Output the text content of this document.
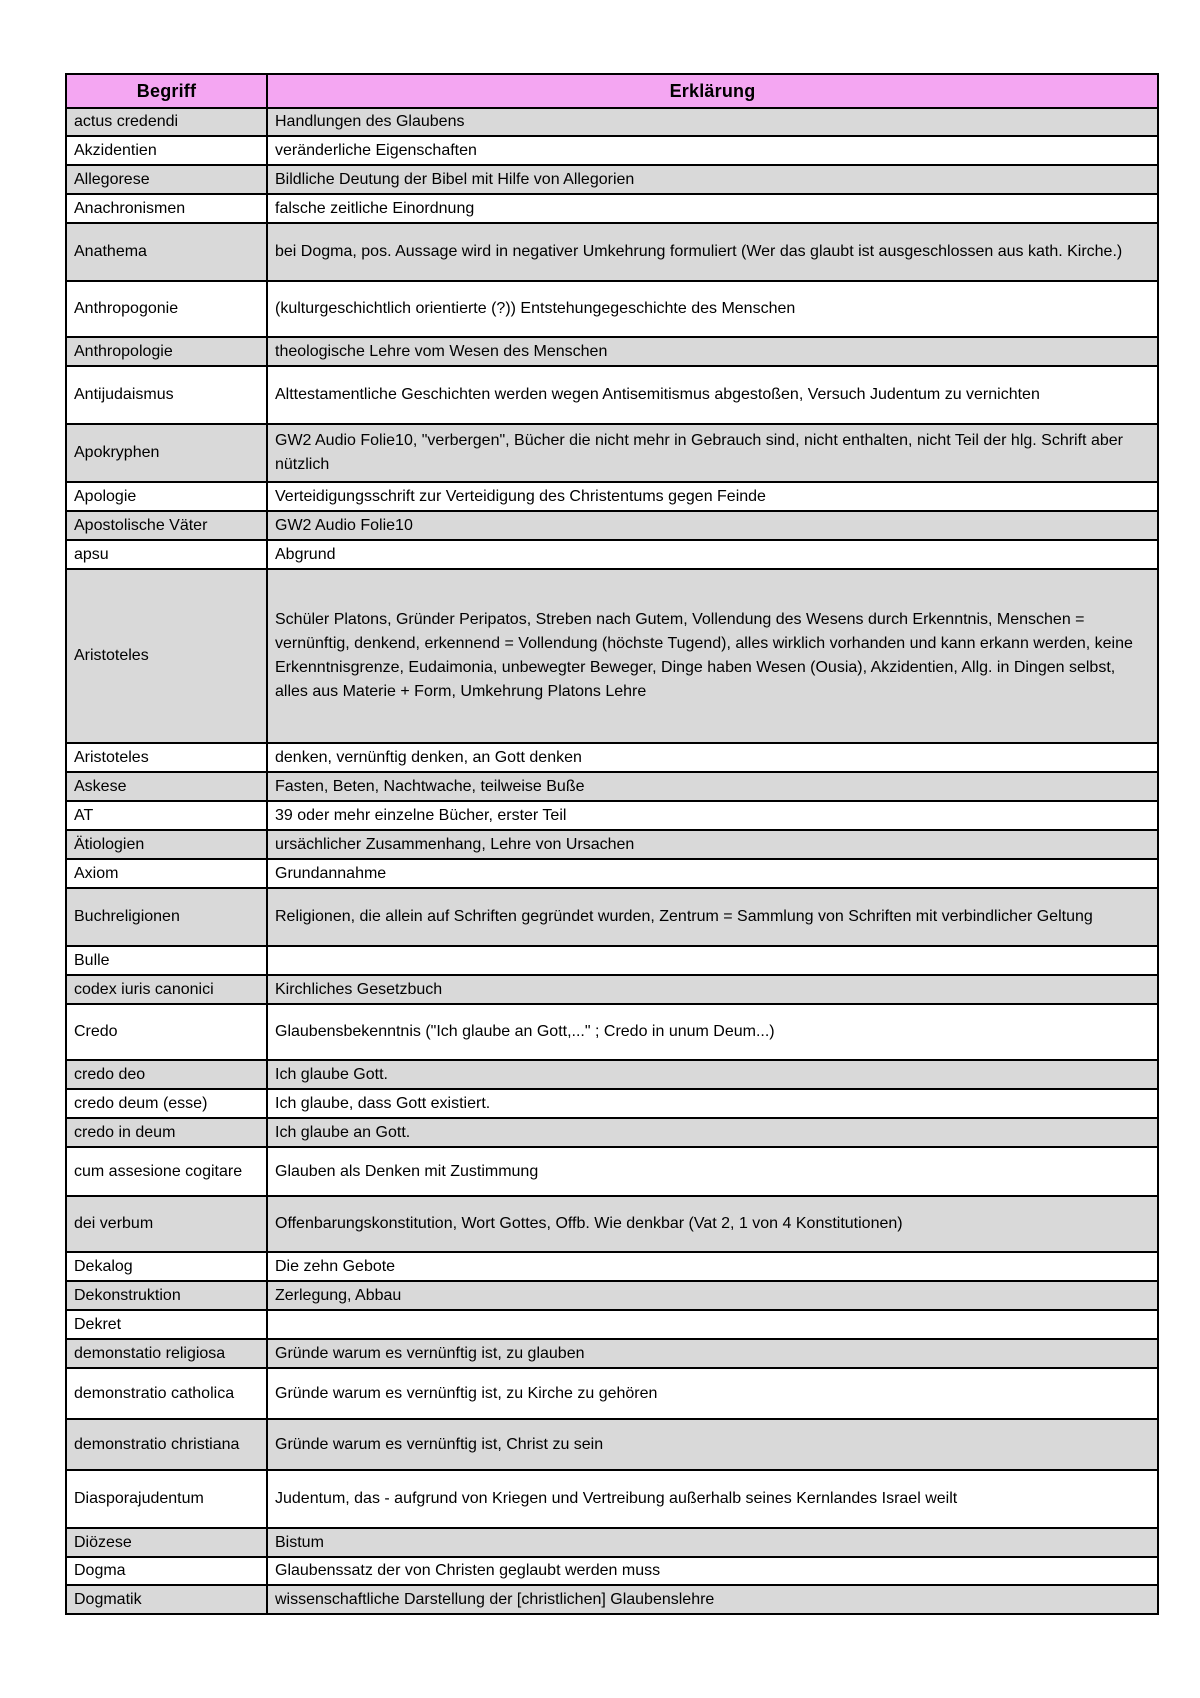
Begriff	Erklärung
actus credendi	Handlungen des Glaubens
Akzidentien	veränderliche Eigenschaften
Allegorese	Bildliche Deutung der Bibel mit Hilfe von Allegorien
Anachronismen	falsche zeitliche Einordnung
Anathema	bei Dogma, pos. Aussage wird in negativer Umkehrung formuliert (Wer das glaubt ist ausgeschlossen aus kath. Kirche.)
Anthropogonie	(kulturgeschichtlich orientierte (?)) Entstehungegeschichte des Menschen
Anthropologie	theologische Lehre vom Wesen des Menschen
Antijudaismus	Alttestamentliche Geschichten werden wegen Antisemitismus abgestoßen, Versuch Judentum zu vernichten
Apokryphen	GW2 Audio Folie10, "verbergen", Bücher die nicht mehr in Gebrauch sind, nicht enthalten, nicht Teil der hlg. Schrift aber nützlich
Apologie	Verteidigungsschrift zur Verteidigung des Christentums gegen Feinde
Apostolische Väter	GW2 Audio Folie10
apsu	Abgrund
Aristoteles	Schüler Platons, Gründer Peripatos, Streben nach Gutem, Vollendung des Wesens durch Erkenntnis, Menschen = vernünftig, denkend, erkennend = Vollendung (höchste Tugend), alles wirklich vorhanden und kann erkann werden, keine Erkenntnisgrenze, Eudaimonia, unbewegter Beweger, Dinge haben Wesen (Ousia), Akzidentien, Allg. in Dingen selbst, alles aus Materie + Form, Umkehrung Platons Lehre
Aristoteles	denken, vernünftig denken, an Gott denken
Askese	Fasten, Beten, Nachtwache, teilweise Buße
AT	39 oder mehr einzelne Bücher, erster Teil
Ätiologien	ursächlicher Zusammenhang, Lehre von Ursachen
Axiom	Grundannahme
Buchreligionen	Religionen, die allein auf Schriften gegründet wurden, Zentrum = Sammlung von Schriften mit verbindlicher Geltung
Bulle	
codex iuris canonici	Kirchliches Gesetzbuch
Credo	Glaubensbekenntnis ("Ich glaube an Gott,..." ; Credo in unum Deum...)
credo deo	Ich glaube Gott.
credo deum (esse)	Ich glaube, dass Gott existiert.
credo in deum	Ich glaube an Gott.
cum assesione cogitare	Glauben als Denken mit Zustimmung
dei verbum	Offenbarungskonstitution, Wort Gottes, Offb. Wie denkbar (Vat 2, 1 von 4 Konstitutionen)
Dekalog	Die zehn Gebote
Dekonstruktion	Zerlegung, Abbau
Dekret	
demonstatio religiosa	Gründe warum es vernünftig ist, zu glauben
demonstratio catholica	Gründe warum es vernünftig ist, zu Kirche zu gehören
demonstratio christiana	Gründe warum es vernünftig ist, Christ zu sein
Diasporajudentum	Judentum, das - aufgrund von Kriegen und Vertreibung außerhalb seines Kernlandes Israel weilt
Diözese	Bistum
Dogma	Glaubenssatz der von Christen geglaubt werden muss
Dogmatik	wissenschaftliche Darstellung der [christlichen] Glaubenslehre
